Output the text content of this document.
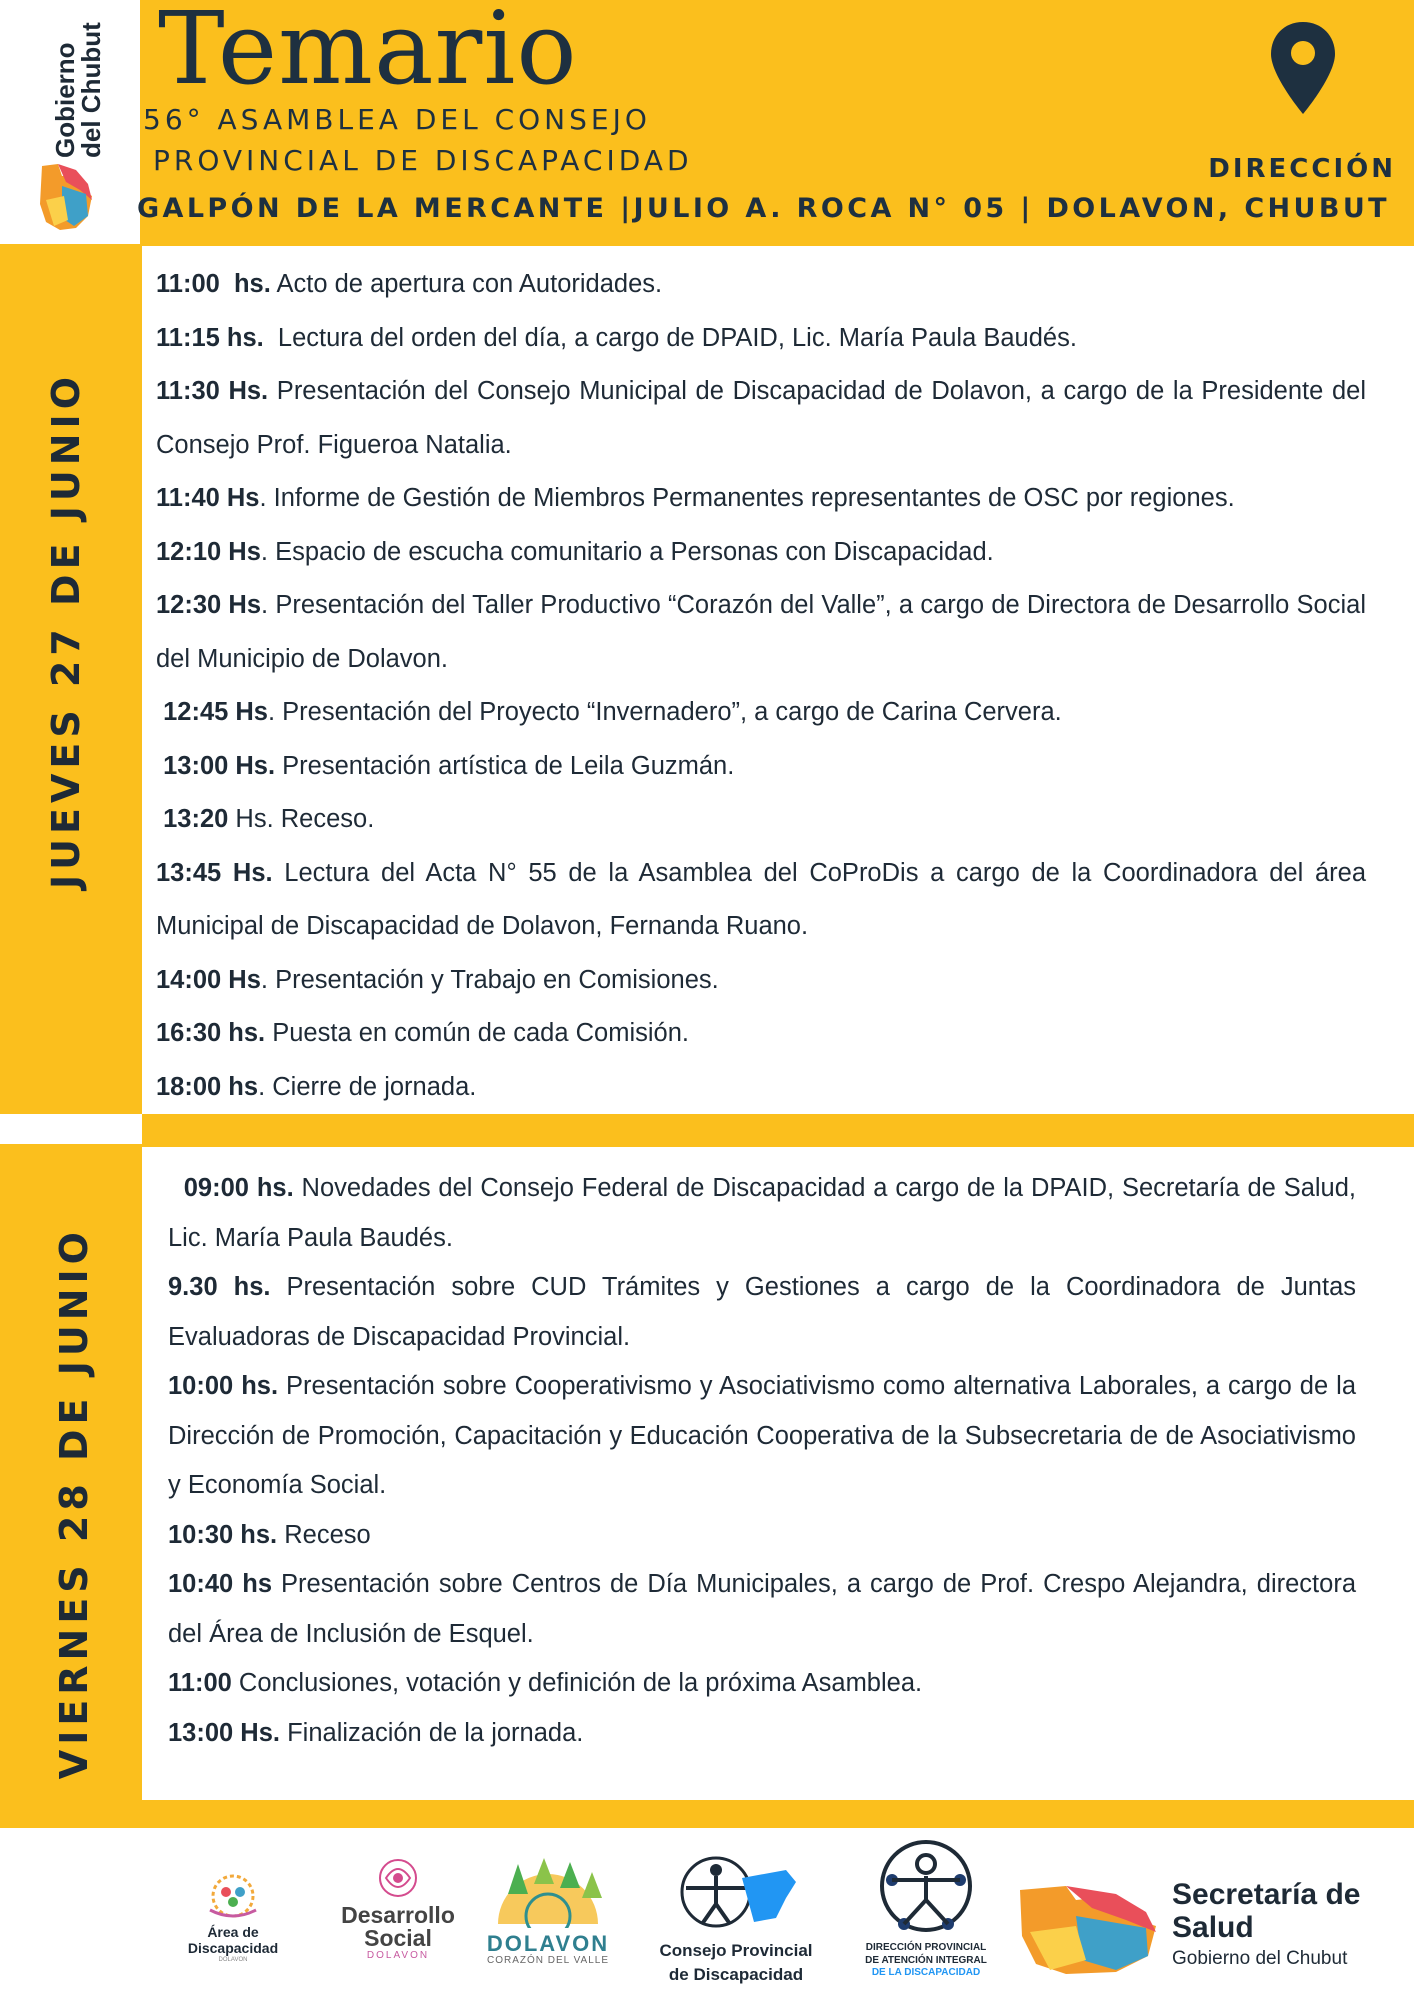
Gobierno
del Chubut Temario
56° ASAMBLEA DEL CONSEJO
PROVINCIAL DE DISCAPACIDAD	DIRECCIÓN
GALPÓN DE LA MERCANTE |JULIO A. ROCA N° 05 | DOLAVON, CHUBUT
JUEVES 27 DE JUNIO
11:00  hs. Acto de apertura con Autoridades.
11:15 hs.  Lectura del orden del día, a cargo de DPAID, Lic. María Paula Baudés.
11:30 Hs. Presentación del Consejo Municipal de Discapacidad de Dolavon, a cargo de la Presidente del Consejo Prof. Figueroa Natalia.
11:40 Hs. Informe de Gestión de Miembros Permanentes representantes de OSC por regiones.
12:10 Hs. Espacio de escucha comunitario a Personas con Discapacidad.
12:30 Hs. Presentación del Taller Productivo “Corazón del Valle”, a cargo de Directora de Desarrollo Social del Municipio de Dolavon.
12:45 Hs. Presentación del Proyecto “Invernadero”, a cargo de Carina Cervera.
13:00 Hs. Presentación artística de Leila Guzmán.
13:20 Hs. Receso.
13:45 Hs. Lectura del Acta N° 55 de la Asamblea del CoProDis a cargo de la Coordinadora del área Municipal de Discapacidad de Dolavon, Fernanda Ruano.
14:00 Hs. Presentación y Trabajo en Comisiones.
16:30 hs. Puesta en común de cada Comisión.
18:00 hs. Cierre de jornada.
VIERNES 28 DE JUNIO
09:00 hs. Novedades del Consejo Federal de Discapacidad a cargo de la DPAID, Secretaría de Salud, Lic. María Paula Baudés.
9.30 hs. Presentación sobre CUD Trámites y Gestiones a cargo de la Coordinadora de Juntas Evaluadoras de Discapacidad Provincial.
10:00 hs. Presentación sobre Cooperativismo y Asociativismo como alternativa Laborales, a cargo de la  Dirección de Promoción, Capacitación y Educación Cooperativa de la Subsecretaria de de Asociativismo y Economía Social.
10:30 hs. Receso
10:40 hs Presentación sobre Centros de Día Municipales, a cargo de Prof. Crespo Alejandra, directora del Área de Inclusión de Esquel.
11:00 Conclusiones, votación y definición de la próxima Asamblea.
13:00 Hs. Finalización de la jornada.
Área de
Discapacidad
DOLAVON
Desarrollo
Social
DOLAVON	DOLAVON
CORAZÓN DEL VALLE
Consejo Provincial
de Discapacidad
DIRECCIÓN PROVINCIAL
DE ATENCIÓN INTEGRAL
DE LA DISCAPACIDAD
Secretaría de
Salud
Gobierno del Chubut
